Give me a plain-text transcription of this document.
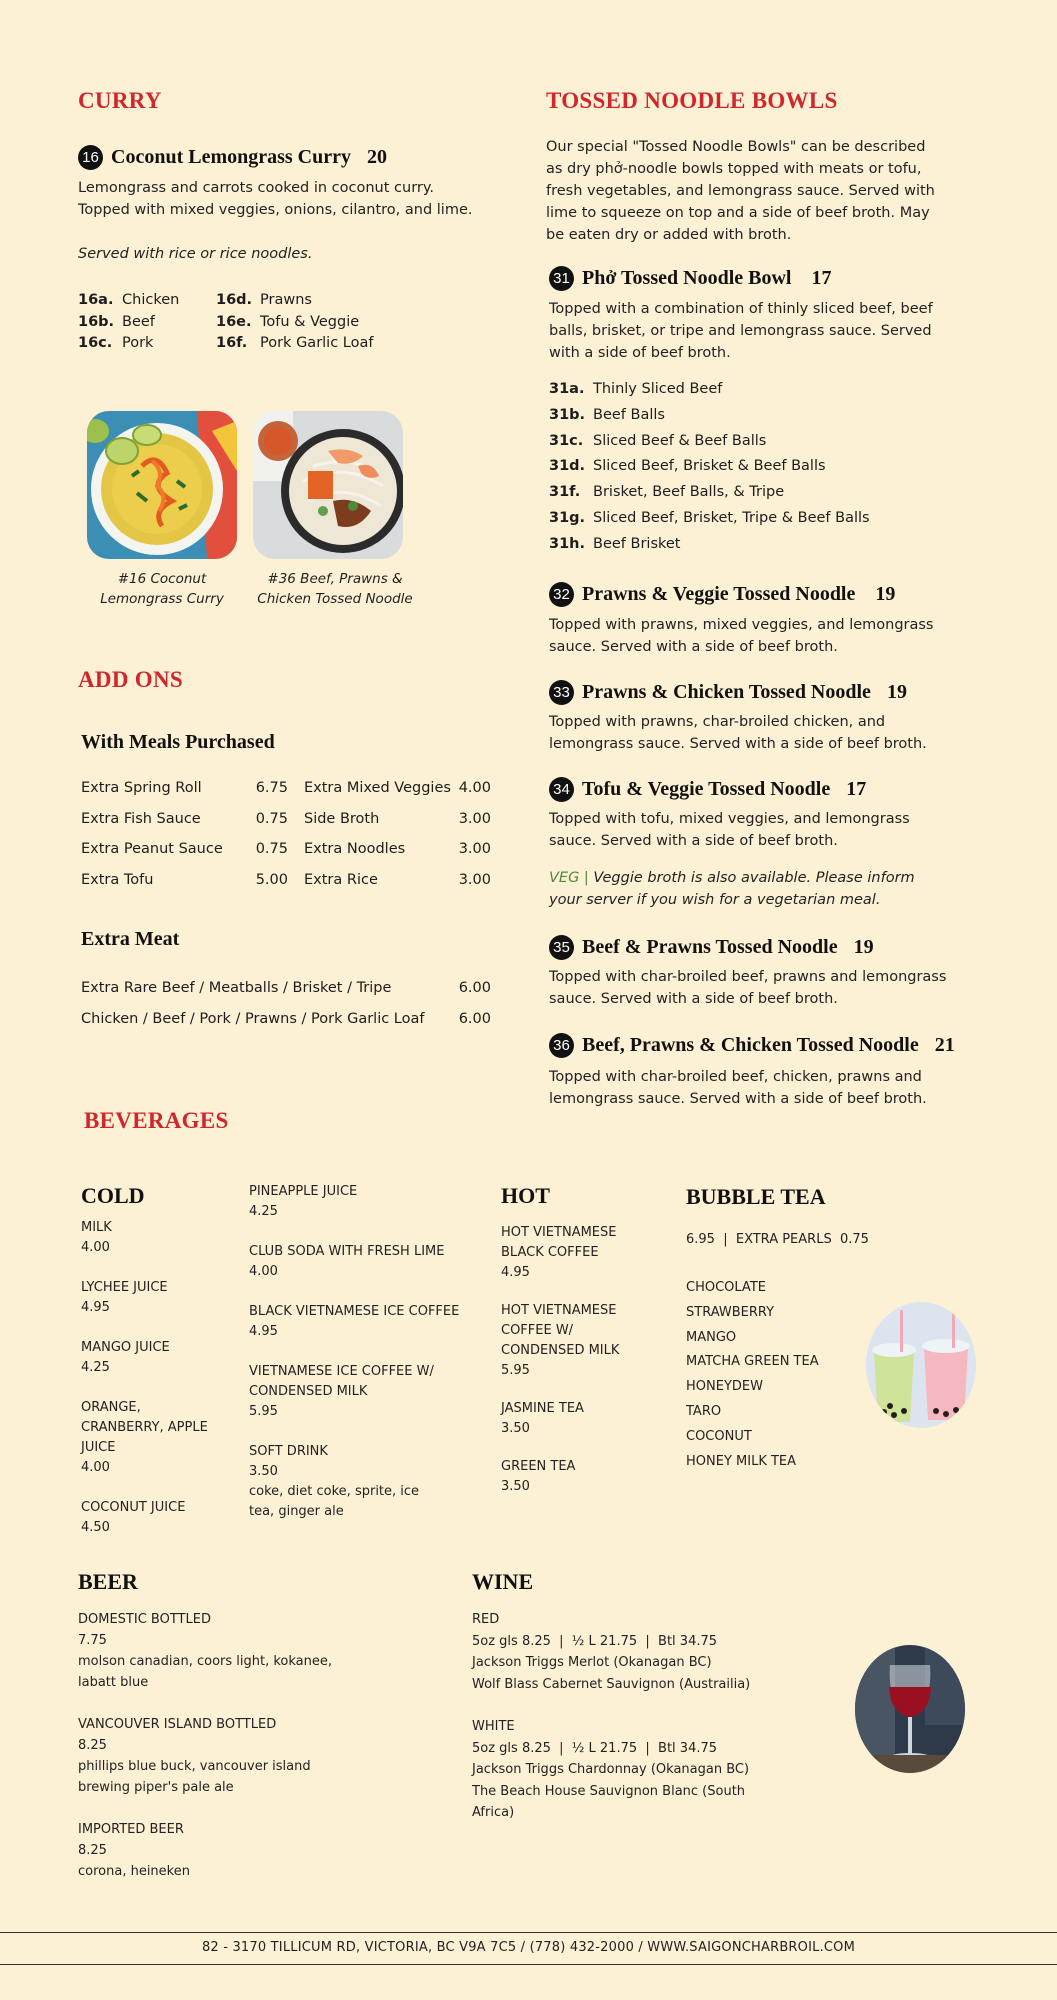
CURRY
16 Coconut Lemongrass Curry 20
Lemongrass and carrots cooked in coconut curry. Topped with mixed veggies, onions, cilantro, and lime.
Served with rice or rice noodles.
16a. Chicken
16b. Beef
16c. Pork
16d. Prawns
16e. Tofu & Veggie
16f. Pork Garlic Loaf
#16 Coconut Lemongrass Curry
#36 Beef, Prawns & Chicken Tossed Noodle
ADD ONS
With Meals Purchased
Extra Spring Roll	6.75	Extra Mixed Veggies 4.00
Extra Fish Sauce	0.75	Side Broth	3.00
Extra Peanut Sauce	0.75	Extra Noodles	3.00
Extra Tofu	5.00	Extra Rice	3.00
Extra Meat
Extra Rare Beef / Meatballs / Brisket / Tripe	6.00
Chicken / Beef / Pork / Prawns / Pork Garlic Loaf	6.00
TOSSED NOODLE BOWLS
Our special "Tossed Noodle Bowls" can be described as dry phở-noodle bowls topped with meats or tofu, fresh vegetables, and lemongrass sauce. Served with lime to squeeze on top and a side of beef broth. May be eaten dry or added with broth.
31 Phở Tossed Noodle Bowl 17
Topped with a combination of thinly sliced beef, beef balls, brisket, or tripe and lemongrass sauce. Served with a side of beef broth.
31a. Thinly Sliced Beef
31b. Beef Balls
31c. Sliced Beef & Beef Balls
31d. Sliced Beef, Brisket & Beef Balls
31f. Brisket, Beef Balls, & Tripe
31g. Sliced Beef, Brisket, Tripe & Beef Balls
31h. Beef Brisket
32 Prawns & Veggie Tossed Noodle 19
Topped with prawns, mixed veggies, and lemongrass sauce. Served with a side of beef broth.
33 Prawns & Chicken Tossed Noodle 19
Topped with prawns, char-broiled chicken, and lemongrass sauce. Served with a side of beef broth.
34 Tofu & Veggie Tossed Noodle 17
Topped with tofu, mixed veggies, and lemongrass sauce. Served with a side of beef broth.
VEG | Veggie broth is also available. Please inform your server if you wish for a vegetarian meal.
35 Beef & Prawns Tossed Noodle 19
Topped with char-broiled beef, prawns and lemongrass sauce. Served with a side of beef broth.
36 Beef, Prawns & Chicken Tossed Noodle 21
Topped with char-broiled beef, chicken, prawns and lemongrass sauce. Served with a side of beef broth.
BEVERAGES
COLD
MILK
4.00
LYCHEE JUICE
4.95
MANGO JUICE
4.25
ORANGE, CRANBERRY, APPLE JUICE
4.00
COCONUT JUICE
4.50
PINEAPPLE JUICE
4.25
CLUB SODA WITH FRESH LIME
4.00
BLACK VIETNAMESE ICE COFFEE
4.95
VIETNAMESE ICE COFFEE W/ CONDENSED MILK
5.95
SOFT DRINK
3.50
coke, diet coke, sprite, ice tea, ginger ale
HOT
HOT VIETNAMESE BLACK COFFEE
4.95
HOT VIETNAMESE COFFEE W/ CONDENSED MILK
5.95
JASMINE TEA
3.50
GREEN TEA
3.50
BUBBLE TEA
6.95  |  EXTRA PEARLS  0.75
CHOCOLATE
STRAWBERRY
MANGO
MATCHA GREEN TEA
HONEYDEW
TARO
COCONUT
HONEY MILK TEA
BEER
DOMESTIC BOTTLED
7.75
molson canadian, coors light, kokanee, labatt blue
VANCOUVER ISLAND BOTTLED
8.25
phillips blue buck, vancouver island brewing piper's pale ale
IMPORTED BEER
8.25
corona, heineken
WINE
RED
5oz gls 8.25  |  ½ L 21.75  |  Btl 34.75
Jackson Triggs Merlot (Okanagan BC)
Wolf Blass Cabernet Sauvignon (Austrailia)
WHITE
5oz gls 8.25  |  ½ L 21.75  |  Btl 34.75
Jackson Triggs Chardonnay (Okanagan BC)
The Beach House Sauvignon Blanc (South Africa)
82 - 3170 TILLICUM RD, VICTORIA, BC V9A 7C5 / (778) 432-2000 / WWW.SAIGONCHARBROIL.COM
